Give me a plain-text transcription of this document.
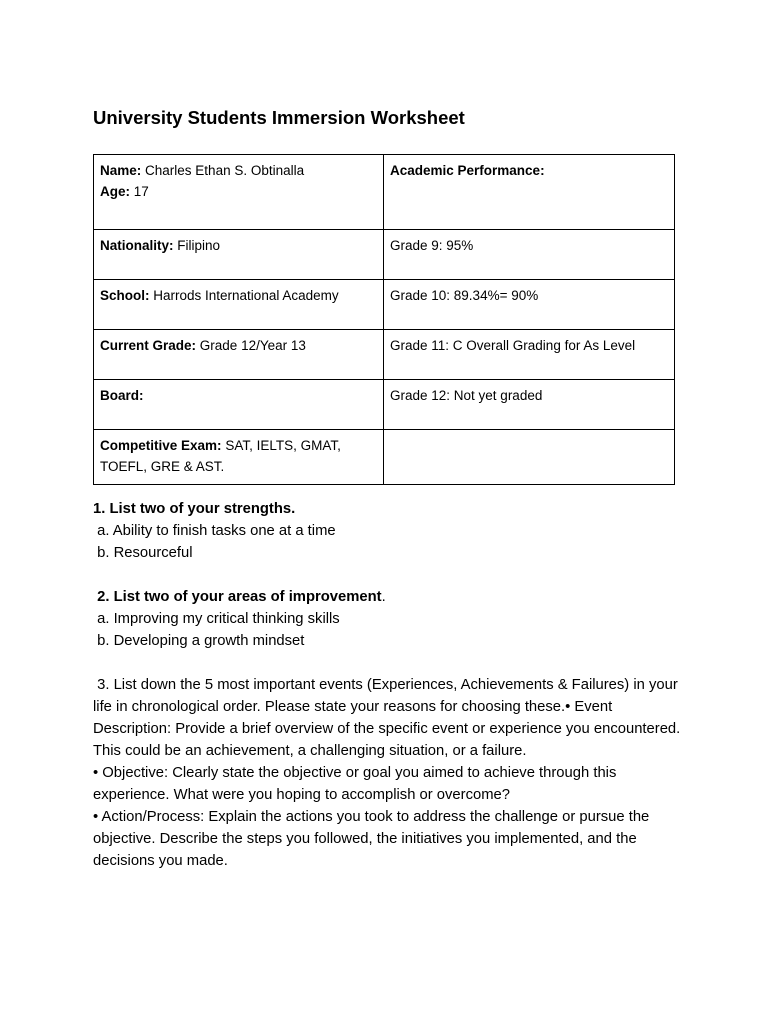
University Students Immersion Worksheet
Name: Charles Ethan S. Obtinalla
Age: 17	Academic Performance:
Nationality: Filipino	Grade 9: 95%
School: Harrods International Academy	Grade 10: 89.34%= 90%
Current Grade: Grade 12/Year 13	Grade 11: C Overall Grading for As Level
Board:	Grade 12: Not yet graded
Competitive Exam: SAT, IELTS, GMAT, TOEFL, GRE & AST.	

1. List two of your strengths.

a. Ability to finish tasks one at a time

b. Resourceful

2. List two of your areas of improvement.

a. Improving my critical thinking skills

b. Developing a growth mindset

3. List down the 5 most important events (Experiences, Achievements & Failures) in your life in chronological order. Please state your reasons for choosing these.• Event Description: Provide a brief overview of the specific event or experience you encountered. This could be an achievement, a challenging situation, or a failure.

• Objective: Clearly state the objective or goal you aimed to achieve through this experience. What were you hoping to accomplish or overcome?

• Action/Process: Explain the actions you took to address the challenge or pursue the objective. Describe the steps you followed, the initiatives you implemented, and the decisions you made.
